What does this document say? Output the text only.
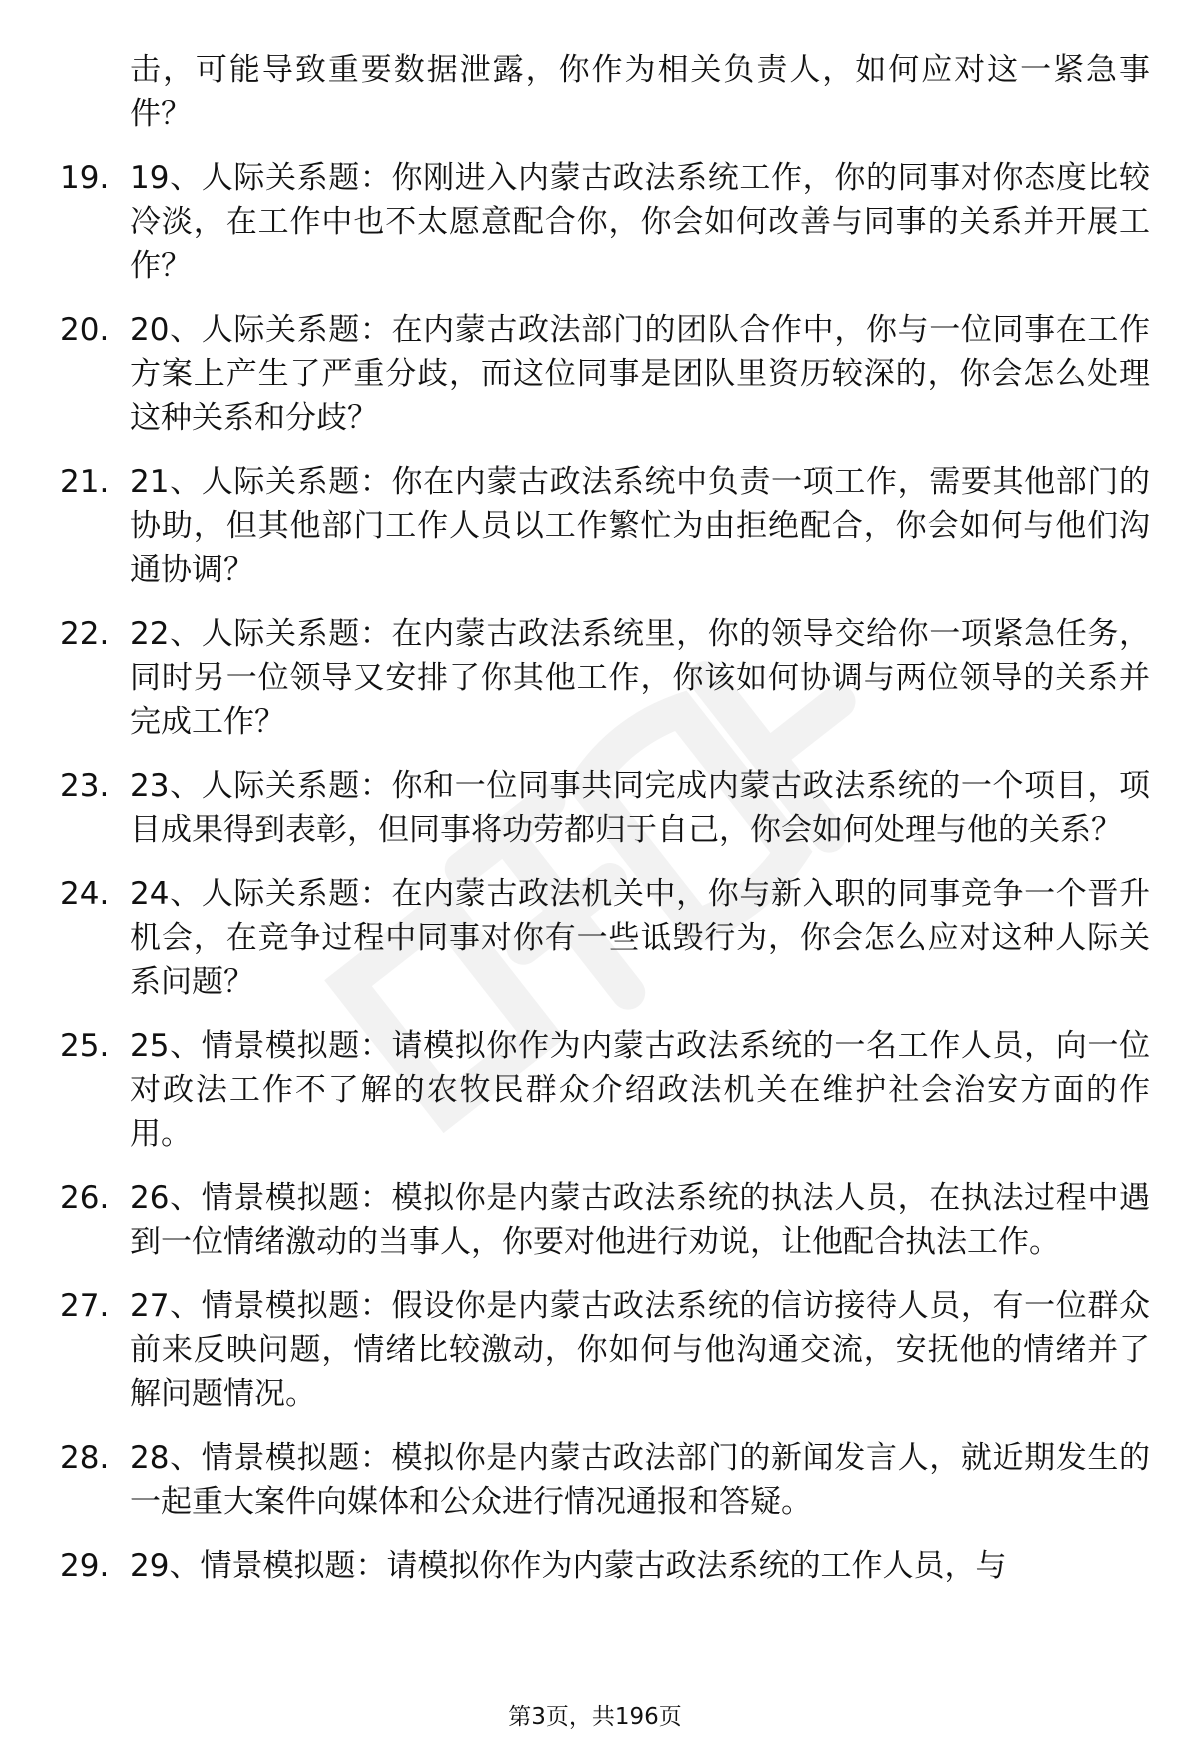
击，可能导致重要数据泄露，你作为相关负责人，如何应对这一紧急事件？
19. 19、人际关系题：你刚进入内蒙古政法系统工作，你的同事对你态度比较冷淡，在工作中也不太愿意配合你，你会如何改善与同事的关系并开展工作？
20. 20、人际关系题：在内蒙古政法部门的团队合作中，你与一位同事在工作方案上产生了严重分歧，而这位同事是团队里资历较深的，你会怎么处理这种关系和分歧？
21. 21、人际关系题：你在内蒙古政法系统中负责一项工作，需要其他部门的协助，但其他部门工作人员以工作繁忙为由拒绝配合，你会如何与他们沟通协调？
22. 22、人际关系题：在内蒙古政法系统里，你的领导交给你一项紧急任务，同时另一位领导又安排了你其他工作，你该如何协调与两位领导的关系并完成工作？
23. 23、人际关系题：你和一位同事共同完成内蒙古政法系统的一个项目，项目成果得到表彰，但同事将功劳都归于自己，你会如何处理与他的关系？
24. 24、人际关系题：在内蒙古政法机关中，你与新入职的同事竞争一个晋升机会，在竞争过程中同事对你有一些诋毁行为，你会怎么应对这种人际关系问题？
25. 25、情景模拟题：请模拟你作为内蒙古政法系统的一名工作人员，向一位对政法工作不了解的农牧民群众介绍政法机关在维护社会治安方面的作用。
26. 26、情景模拟题：模拟你是内蒙古政法系统的执法人员，在执法过程中遇到一位情绪激动的当事人，你要对他进行劝说，让他配合执法工作。
27. 27、情景模拟题：假设你是内蒙古政法系统的信访接待人员，有一位群众前来反映问题，情绪比较激动，你如何与他沟通交流，安抚他的情绪并了解问题情况。
28. 28、情景模拟题：模拟你是内蒙古政法部门的新闻发言人，就近期发生的一起重大案件向媒体和公众进行情况通报和答疑。
29. 29、情景模拟题：请模拟你作为内蒙古政法系统的工作人员，与
第3页，共196页
